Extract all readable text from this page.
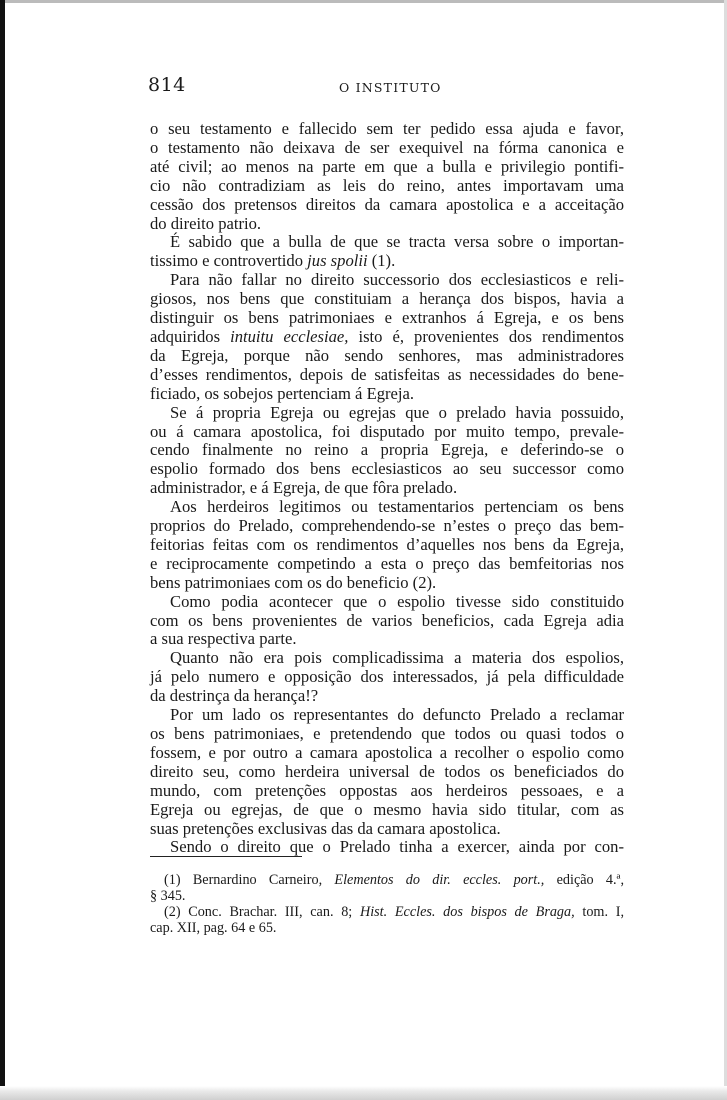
814	O INSTITUTO
o seu testamento e fallecido sem ter pedido essa ajuda e favor,
o testamento não deixava de ser exequivel na fórma canonica e
até civil; ao menos na parte em que a bulla e privilegio pontifi-
cio não contradiziam as leis do reino, antes importavam uma
cessão dos pretensos direitos da camara apostolica e a acceitação
do direito patrio.
É sabido que a bulla de que se tracta versa sobre o importan-
tissimo e controvertido jus spolii (1).
Para não fallar no direito successorio dos ecclesiasticos e reli-
giosos, nos bens que constituiam a herança dos bispos, havia a
distinguir os bens patrimoniaes e extranhos á Egreja, e os bens
adquiridos intuitu ecclesiae, isto é, provenientes dos rendimentos
da Egreja, porque não sendo senhores, mas administradores
d’esses rendimentos, depois de satisfeitas as necessidades do bene-
ficiado, os sobejos pertenciam á Egreja.
Se á propria Egreja ou egrejas que o prelado havia possuido,
ou á camara apostolica, foi disputado por muito tempo, prevale-
cendo finalmente no reino a propria Egreja, e deferindo-se o
espolio formado dos bens ecclesiasticos ao seu successor como
administrador, e á Egreja, de que fôra prelado.
Aos herdeiros legitimos ou testamentarios pertenciam os bens
proprios do Prelado, comprehendendo-se n’estes o preço das bem-
feitorias feitas com os rendimentos d’aquelles nos bens da Egreja,
e reciprocamente competindo a esta o preço das bemfeitorias nos
bens patrimoniaes com os do beneficio (2).
Como podia acontecer que o espolio tivesse sido constituido
com os bens provenientes de varios beneficios, cada Egreja adia
a sua respectiva parte.
Quanto não era pois complicadissima a materia dos espolios,
já pelo numero e opposição dos interessados, já pela difficuldade
da destrinça da herança!?
Por um lado os representantes do defuncto Prelado a reclamar
os bens patrimoniaes, e pretendendo que todos ou quasi todos o
fossem, e por outro a camara apostolica a recolher o espolio como
direito seu, como herdeira universal de todos os beneficiados do
mundo, com pretenções oppostas aos herdeiros pessoaes, e a
Egreja ou egrejas, de que o mesmo havia sido titular, com as
suas pretenções exclusivas das da camara apostolica.
Sendo o direito que o Prelado tinha a exercer, ainda por con-
(1) Bernardino Carneiro, Elementos do dir. eccles. port., edição 4.ª,
§ 345.
(2) Conc. Brachar. III, can. 8; Hist. Eccles. dos bispos de Braga, tom. I,
cap. XII, pag. 64 e 65.
